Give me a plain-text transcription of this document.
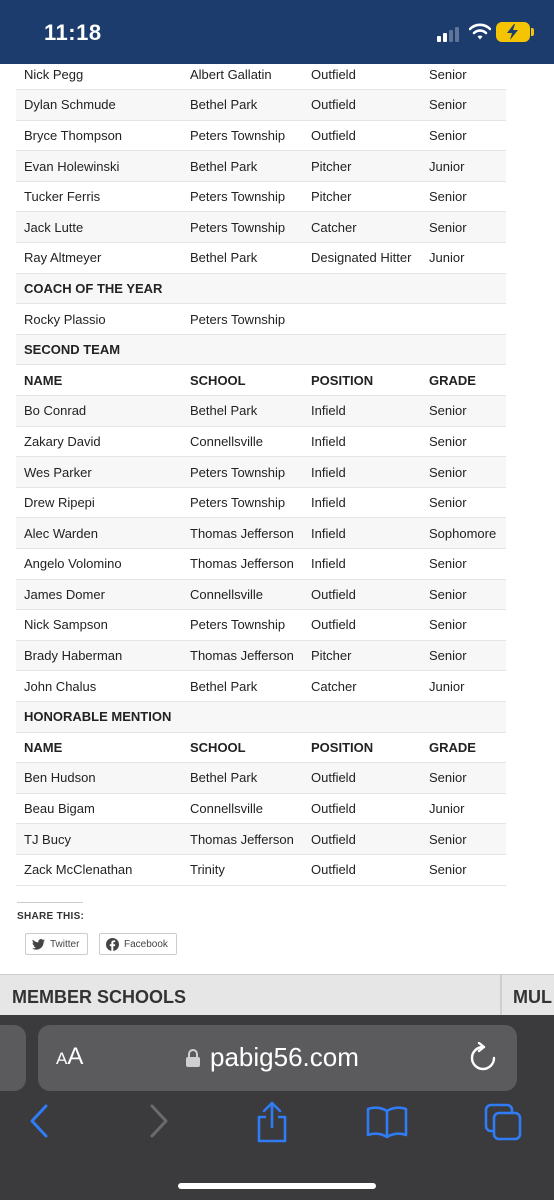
11:18
Nick Pegg	Albert Gallatin	Outfield	Senior
Dylan Schmude	Bethel Park	Outfield	Senior
Bryce Thompson	Peters Township	Outfield	Senior
Evan Holewinski	Bethel Park	Pitcher	Junior
Tucker Ferris	Peters Township	Pitcher	Senior
Jack Lutte	Peters Township	Catcher	Senior
Ray Altmeyer	Bethel Park	Designated Hitter	Junior
COACH OF THE YEAR			
Rocky Plassio	Peters Township		
SECOND TEAM			
NAME	SCHOOL	POSITION	GRADE
Bo Conrad	Bethel Park	Infield	Senior
Zakary David	Connellsville	Infield	Senior
Wes Parker	Peters Township	Infield	Senior
Drew Ripepi	Peters Township	Infield	Senior
Alec Warden	Thomas Jefferson	Infield	Sophomore
Angelo Volomino	Thomas Jefferson	Infield	Senior
James Domer	Connellsville	Outfield	Senior
Nick Sampson	Peters Township	Outfield	Senior
Brady Haberman	Thomas Jefferson	Pitcher	Senior
John Chalus	Bethel Park	Catcher	Junior
HONORABLE MENTION			
NAME	SCHOOL	POSITION	GRADE
Ben Hudson	Bethel Park	Outfield	Senior
Beau Bigam	Connellsville	Outfield	Junior
TJ Bucy	Thomas Jefferson	Outfield	Senior
Zack McClenathan	Trinity	Outfield	Senior
SHARE THIS:
Twitter	Facebook
MEMBER SCHOOLS	MUL
AA	pabig56.com
